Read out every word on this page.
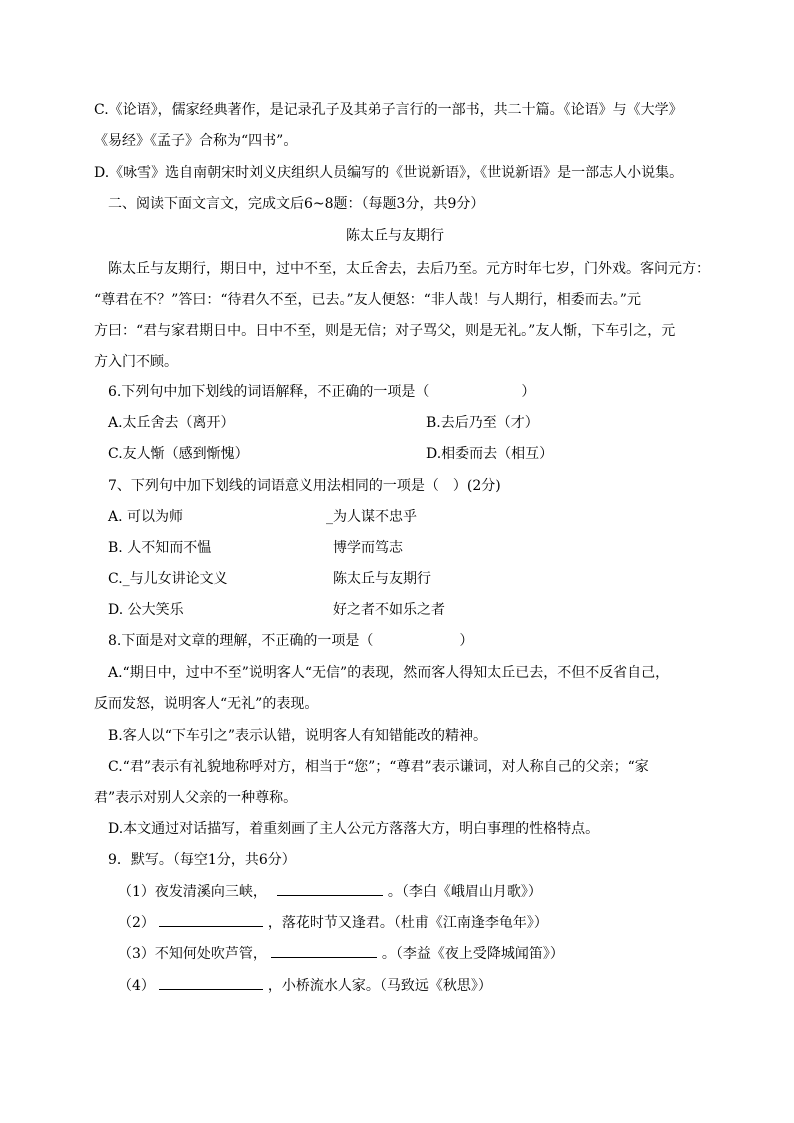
C.《论语》，儒家经典著作，是记录孔子及其弟子言行的一部书，共二十篇。《论语》与《大学》
《易经》《孟子》合称为“四书”。
D.《咏雪》选自南朝宋时刘义庆组织人员编写的《世说新语》，《世说新语》是一部志人小说集。
二、阅读下面文言文，完成文后6~8题：（每题3分，共9分）
陈太丘与友期行
陈太丘与友期行，期日中，过中不至，太丘舍去，去后乃至。元方时年七岁，门外戏。客问元方：
“尊君在不？”答曰：“待君久不至，已去。”友人便怒：“非人哉！与人期行，相委而去。”元
方曰：“君与家君期日中。日中不至，则是无信；对子骂父，则是无礼。”友人惭，下车引之，元
方入门不顾。
6.下列句中加下划线的词语解释，不正确的一项是（	）
A.太丘舍去（离开）	B.去后乃至（才）
C.友人惭（感到惭愧）	D.相委而去（相互）
7、下列句中加下划线的词语意义用法相同的一项是（　）(2分)
A. 可以为师	_为人谋不忠乎
B. 人不知而不愠	博学而笃志
C._与儿女讲论文义	陈太丘与友期行
D. 公大笑乐	好之者不如乐之者
8.下面是对文章的理解，不正确的一项是（	）
A.“期日中，过中不至”说明客人“无信”的表现，然而客人得知太丘已去，不但不反省自己，
反而发怒，说明客人“无礼”的表现。
B.客人以“下车引之”表示认错，说明客人有知错能改的精神。
C.“君”表示有礼貌地称呼对方，相当于“您”；“尊君”表示谦词，对人称自己的父亲；“家
君”表示对别人父亲的一种尊称。
D.本文通过对话描写，着重刻画了主人公元方落落大方，明白事理的性格特点。
9．默写。（每空1分，共6分）
（1）夜发清溪向三峡，	。（李白《峨眉山月歌》）
（2）	，落花时节又逢君。（杜甫《江南逢李龟年》）
（3）不知何处吹芦管，	。（李益《夜上受降城闻笛》）
（4）	，小桥流水人家。（马致远《秋思》）
